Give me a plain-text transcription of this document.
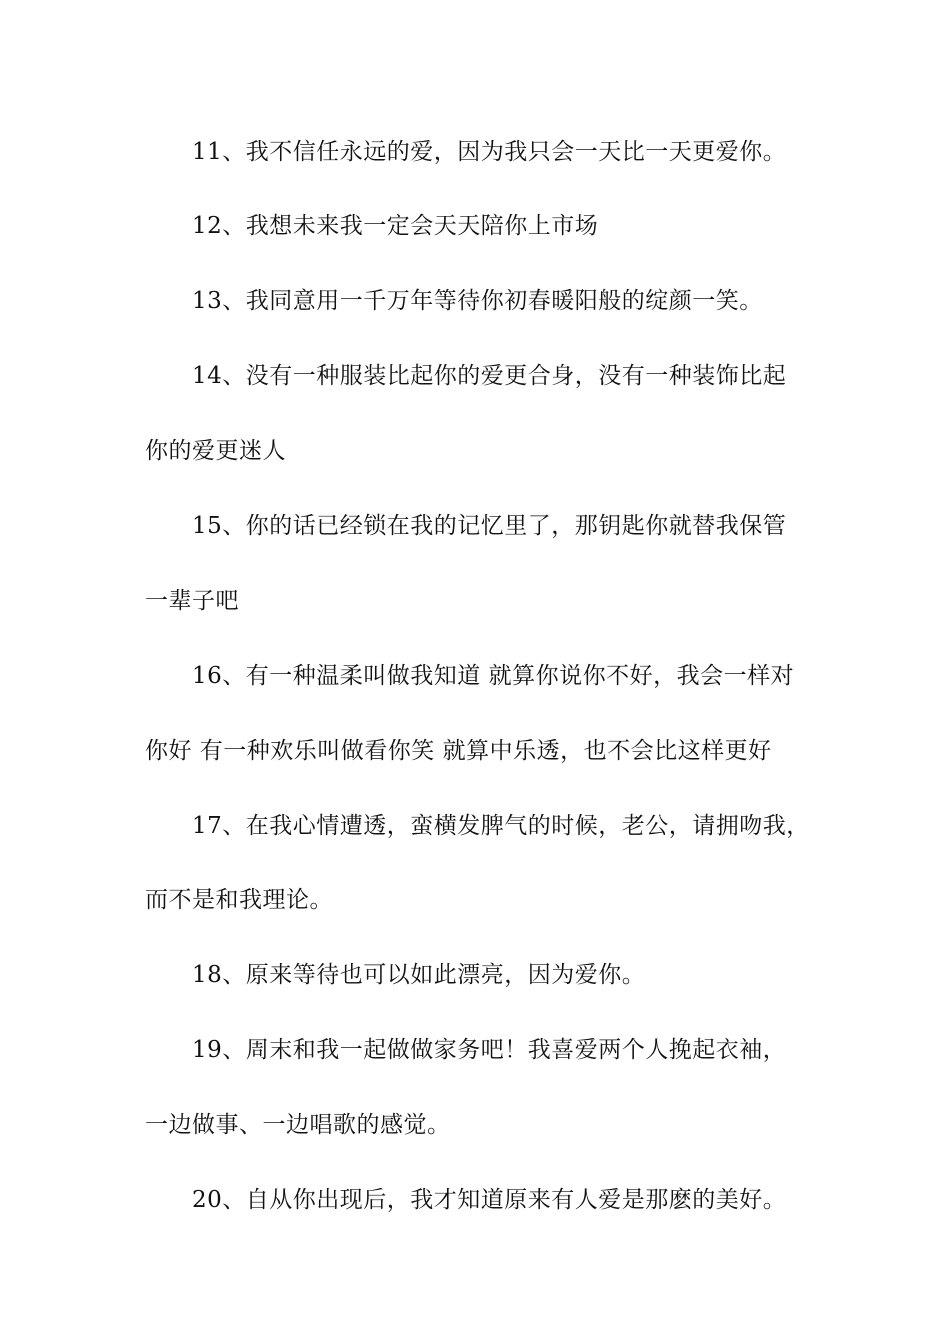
11、我不信任永远的爱，因为我只会一天比一天更爱你。
12、我想未来我一定会天天陪你上市场
13、我同意用一千万年等待你初春暖阳般的绽颜一笑。
14、没有一种服装比起你的爱更合身，没有一种装饰比起
你的爱更迷人
15、你的话已经锁在我的记忆里了，那钥匙你就替我保管
一辈子吧
16、有一种温柔叫做我知道 就算你说你不好，我会一样对
你好 有一种欢乐叫做看你笑 就算中乐透，也不会比这样更好
17、在我心情遭透，蛮横发脾气的时候，老公，请拥吻我，
而不是和我理论。
18、原来等待也可以如此漂亮，因为爱你。
19、周末和我一起做做家务吧！我喜爱两个人挽起衣袖，
一边做事、一边唱歌的感觉。
20、自从你出现后，我才知道原来有人爱是那麽的美好。
